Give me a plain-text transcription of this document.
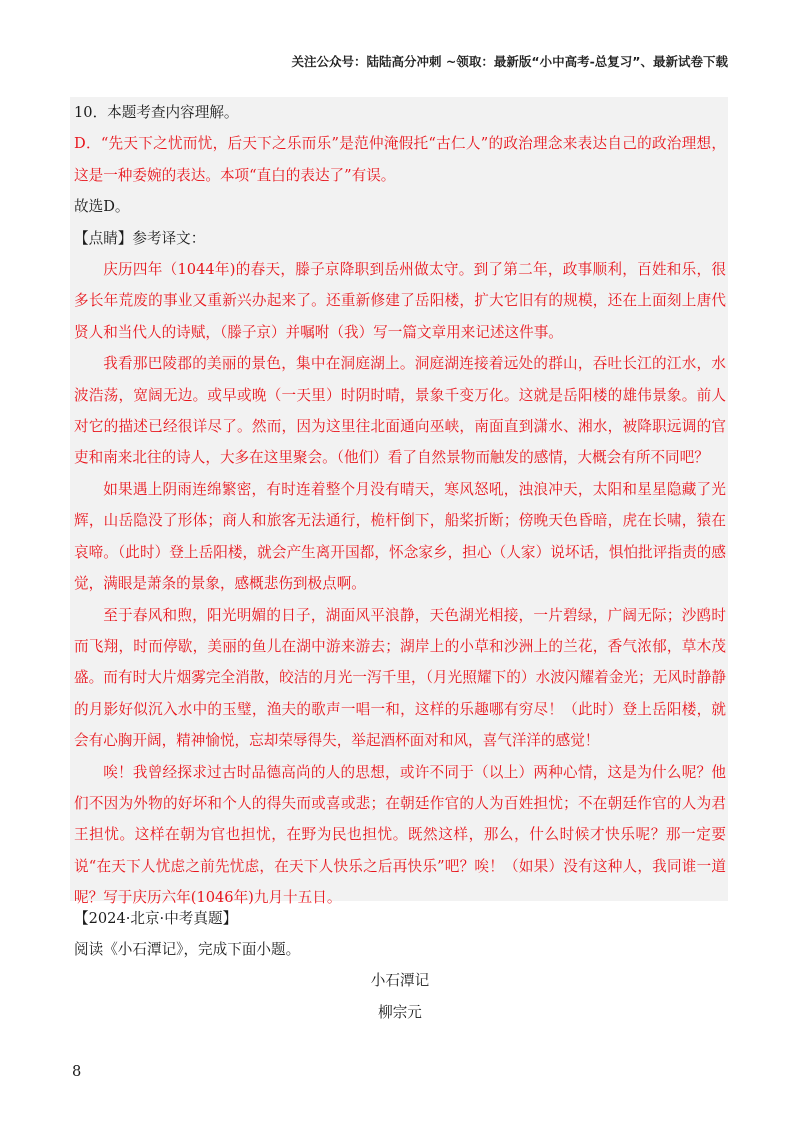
关注公众号：陆陆高分冲刺 ~领取：最新版“小中高考-总复习”、最新试卷下载

10．本题考查内容理解。

D．“先天下之忧而忧，后天下之乐而乐”是范仲淹假托“古仁人”的政治理念来表达自己的政治理想，这是一种委婉的表达。本项“直白的表达了”有误。

故选D。

【点睛】参考译文：

庆历四年（1044年)的春天，滕子京降职到岳州做太守。到了第二年，政事顺利，百姓和乐，很多长年荒废的事业又重新兴办起来了。还重新修建了岳阳楼，扩大它旧有的规模，还在上面刻上唐代贤人和当代人的诗赋，（滕子京）并嘱咐（我）写一篇文章用来记述这件事。

我看那巴陵郡的美丽的景色，集中在洞庭湖上。洞庭湖连接着远处的群山，吞吐长江的江水，水波浩荡，宽阔无边。或早或晚（一天里）时阴时晴，景象千变万化。这就是岳阳楼的雄伟景象。前人对它的描述已经很详尽了。然而，因为这里往北面通向巫峡，南面直到潇水、湘水，被降职远调的官吏和南来北往的诗人，大多在这里聚会。（他们）看了自然景物而触发的感情，大概会有所不同吧？

如果遇上阴雨连绵繁密，有时连着整个月没有晴天，寒风怒吼，浊浪冲天，太阳和星星隐藏了光辉，山岳隐没了形体；商人和旅客无法通行，桅杆倒下，船桨折断；傍晚天色昏暗，虎在长啸，猿在哀啼。（此时）登上岳阳楼，就会产生离开国都，怀念家乡，担心（人家）说坏话，惧怕批评指责的感觉，满眼是萧条的景象，感概悲伤到极点啊。

至于春风和煦，阳光明媚的日子，湖面风平浪静，天色湖光相接，一片碧绿，广阔无际；沙鸥时而飞翔，时而停歇，美丽的鱼儿在湖中游来游去；湖岸上的小草和沙洲上的兰花，香气浓郁，草木茂盛。而有时大片烟雾完全消散，皎洁的月光一泻千里，（月光照耀下的）水波闪耀着金光；无风时静静的月影好似沉入水中的玉璧，渔夫的歌声一唱一和，这样的乐趣哪有穷尽！（此时）登上岳阳楼，就会有心胸开阔，精神愉悦，忘却荣辱得失，举起酒杯面对和风，喜气洋洋的感觉！

唉！我曾经探求过古时品德高尚的人的思想，或许不同于（以上）两种心情，这是为什么呢？他们不因为外物的好坏和个人的得失而或喜或悲；在朝廷作官的人为百姓担忧；不在朝廷作官的人为君王担忧。这样在朝为官也担忧，在野为民也担忧。既然这样，那么，什么时候才快乐呢？那一定要说“在天下人忧虑之前先忧虑，在天下人快乐之后再快乐”吧？唉！（如果）没有这种人，我同谁一道呢？写于庆历六年(1046年)九月十五日。

【2024·北京·中考真题】

阅读《小石潭记》，完成下面小题。

小石潭记
柳宗元
8
